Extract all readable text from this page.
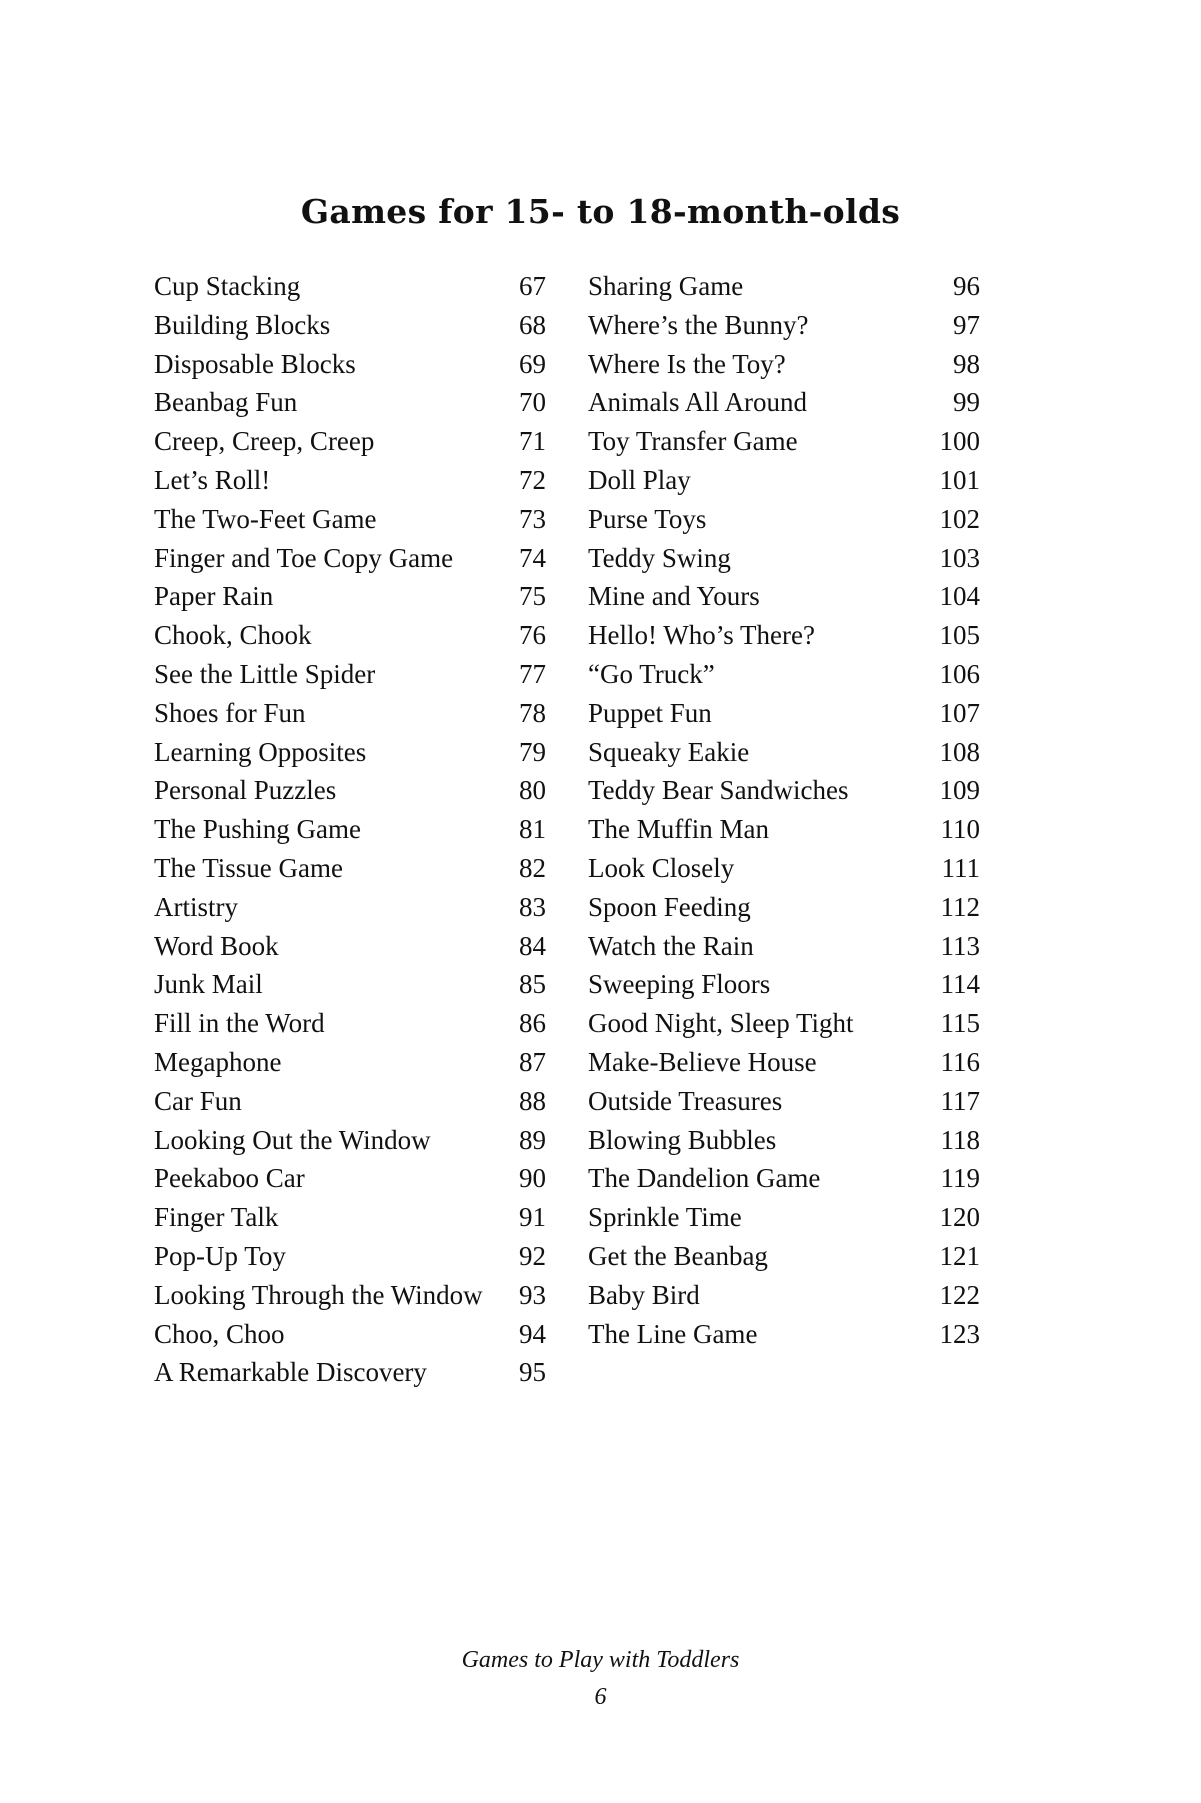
Games for 15- to 18-month-olds
Cup Stacking	67
Building Blocks	68
Disposable Blocks	69
Beanbag Fun	70
Creep, Creep, Creep	71
Let’s Roll!	72
The Two-Feet Game	73
Finger and Toe Copy Game	74
Paper Rain	75
Chook, Chook	76
See the Little Spider	77
Shoes for Fun	78
Learning Opposites	79
Personal Puzzles	80
The Pushing Game	81
The Tissue Game	82
Artistry	83
Word Book	84
Junk Mail	85
Fill in the Word	86
Megaphone	87
Car Fun	88
Looking Out the Window	89
Peekaboo Car	90
Finger Talk	91
Pop-Up Toy	92
Looking Through the Window	93
Choo, Choo	94
A Remarkable Discovery	95
Sharing Game	96
Where’s the Bunny?	97
Where Is the Toy?	98
Animals All Around	99
Toy Transfer Game	100
Doll Play	101
Purse Toys	102
Teddy Swing	103
Mine and Yours	104
Hello! Who’s There?	105
“Go Truck”	106
Puppet Fun	107
Squeaky Eakie	108
Teddy Bear Sandwiches	109
The Muffin Man	110
Look Closely	111
Spoon Feeding	112
Watch the Rain	113
Sweeping Floors	114
Good Night, Sleep Tight	115
Make-Believe House	116
Outside Treasures	117
Blowing Bubbles	118
The Dandelion Game	119
Sprinkle Time	120
Get the Beanbag	121
Baby Bird	122
The Line Game	123
Games to Play with Toddlers
6
